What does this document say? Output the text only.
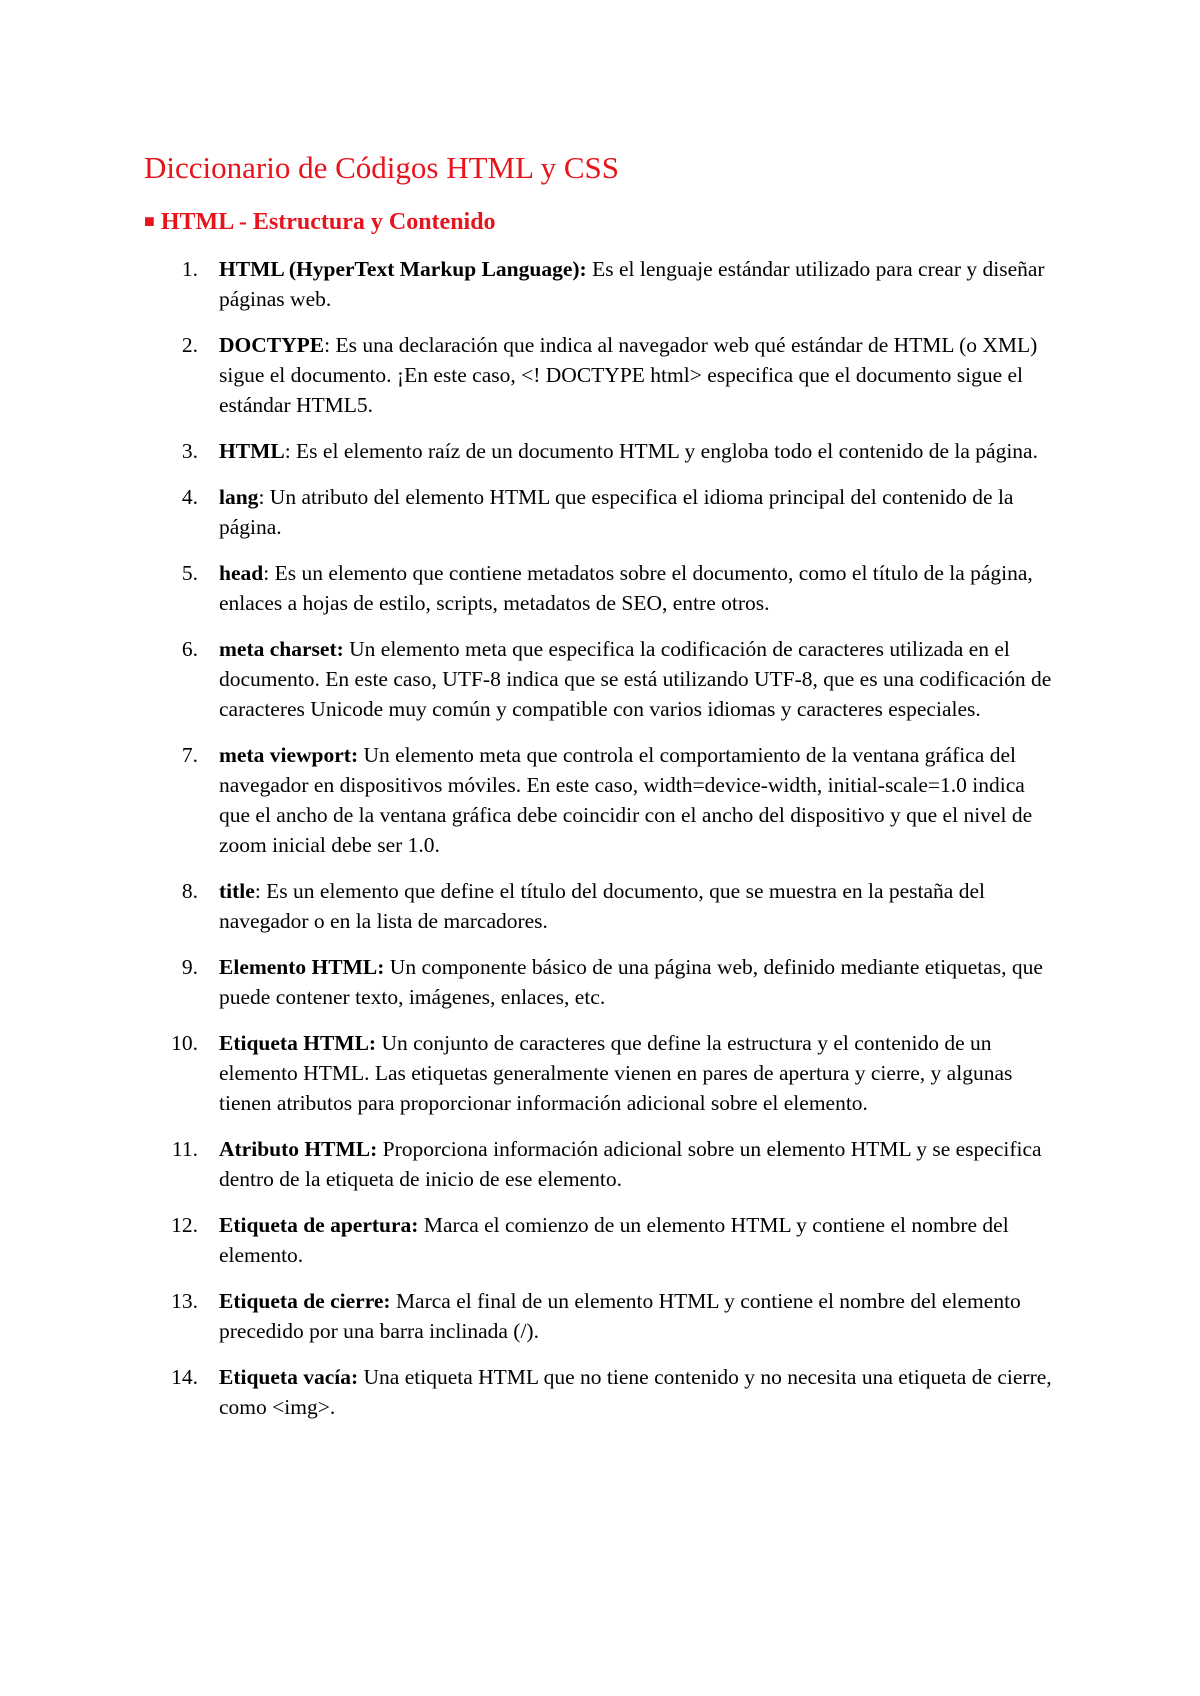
Diccionario de Códigos HTML y CSS
■ HTML - Estructura y Contenido
1. HTML (HyperText Markup Language): Es el lenguaje estándar utilizado para crear y diseñar páginas web.
2. DOCTYPE: Es una declaración que indica al navegador web qué estándar de HTML (o XML) sigue el documento. ¡En este caso, <! DOCTYPE html> especifica que el documento sigue el estándar HTML5.
3. HTML: Es el elemento raíz de un documento HTML y engloba todo el contenido de la página.
4. lang: Un atributo del elemento HTML que especifica el idioma principal del contenido de la página.
5. head: Es un elemento que contiene metadatos sobre el documento, como el título de la página, enlaces a hojas de estilo, scripts, metadatos de SEO, entre otros.
6. meta charset: Un elemento meta que especifica la codificación de caracteres utilizada en el documento. En este caso, UTF-8 indica que se está utilizando UTF-8, que es una codificación de caracteres Unicode muy común y compatible con varios idiomas y caracteres especiales.
7. meta viewport: Un elemento meta que controla el comportamiento de la ventana gráfica del navegador en dispositivos móviles. En este caso, width=device-width, initial-scale=1.0 indica que el ancho de la ventana gráfica debe coincidir con el ancho del dispositivo y que el nivel de zoom inicial debe ser 1.0.
8. title: Es un elemento que define el título del documento, que se muestra en la pestaña del navegador o en la lista de marcadores.
9. Elemento HTML: Un componente básico de una página web, definido mediante etiquetas, que puede contener texto, imágenes, enlaces, etc.
10. Etiqueta HTML: Un conjunto de caracteres que define la estructura y el contenido de un elemento HTML. Las etiquetas generalmente vienen en pares de apertura y cierre, y algunas tienen atributos para proporcionar información adicional sobre el elemento.
11. Atributo HTML: Proporciona información adicional sobre un elemento HTML y se especifica dentro de la etiqueta de inicio de ese elemento.
12. Etiqueta de apertura: Marca el comienzo de un elemento HTML y contiene el nombre del elemento.
13. Etiqueta de cierre: Marca el final de un elemento HTML y contiene el nombre del elemento precedido por una barra inclinada (/).
14. Etiqueta vacía: Una etiqueta HTML que no tiene contenido y no necesita una etiqueta de cierre, como <img>.
